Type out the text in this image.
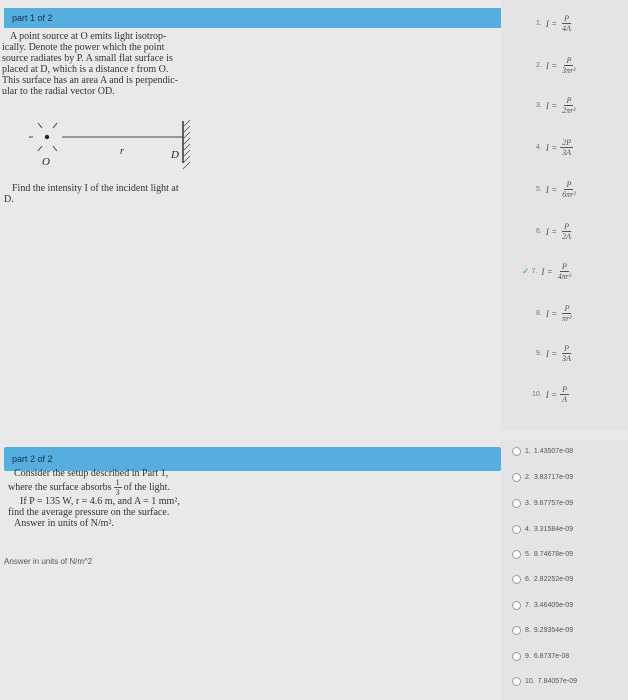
part 1 of 2
A point source at O emits light isotrop-
ically. Denote the power which the point
source radiates by P. A small flat surface is
placed at D, which is a distance r from O.
This surface has an area A and is perpendic-
ular to the radial vector OD.
O
r	D
Find the intensity I of the incident light at
D.
1. $I = \frac{P}{4A}$
2. $I = \frac{P}{\text{3πr²}}$
3. $I = \frac{P}{\text{2πr²}}$
4. $I = \frac{2P}{3A}$
5. $I = \frac{P}{\text{6πr²}}$
6. $I = \frac{P}{2A}$
✓ 7. $I = \frac{P}{\text{4πr²}}$
8. $I = \frac{P}{\text{πr²}}$
9. $I = \frac{P}{3A}$
10. $I = \frac{P}{A}$
part 2 of 2
Consider the setup described in Part 1,
where the surface absorbs $\frac{1}{3}$ of the light.
If P = 135 W, r = 4.6 m, and A = 1 mm²,
find the average pressure on the surface.
Answer in units of N/m².
Answer in units of N/m^2
1. 1.43507e-08
2. 3.83717e-09
3. 9.67757e-09
4. 3.31584e-09
5. 8.74678e-09
6. 2.82252e-09
7. 3.46405e-09
8. 9.29354e-09
9. 6.8737e-08
10. 7.84057e-09
